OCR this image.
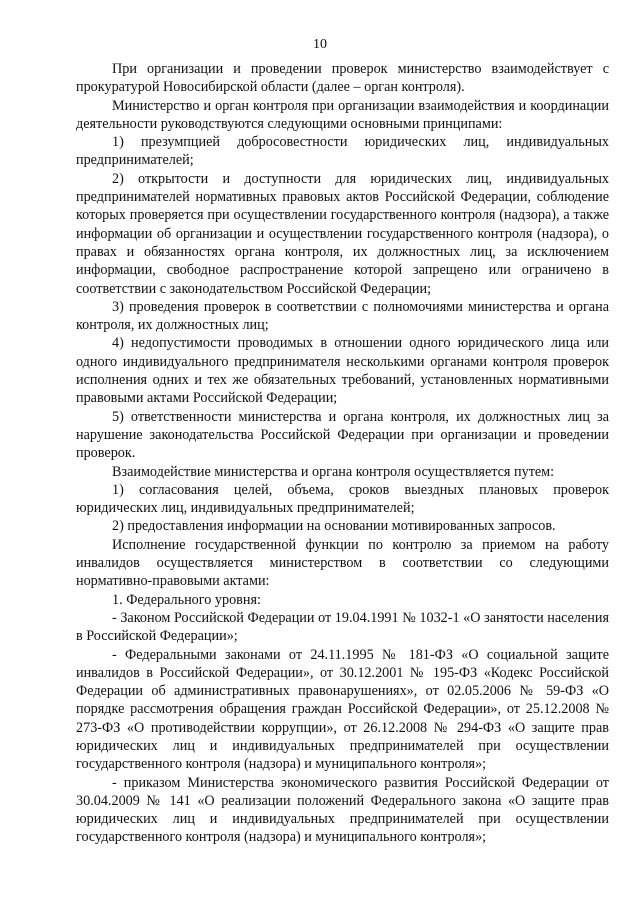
10

При организации и проведении проверок министерство взаимодействует с прокуратурой Новосибирской области (далее – орган контроля).

Министерство и орган контроля при организации взаимодействия и координации деятельности руководствуются следующими основными принципами:

1) презумпцией добросовестности юридических лиц, индивидуальных предпринимателей;

2) открытости и доступности для юридических лиц, индивидуальных предпринимателей нормативных правовых актов Российской Федерации, соблюдение которых проверяется при осуществлении государственного контроля (надзора), а также информации об организации и осуществлении государственного контроля (надзора), о правах и обязанностях органа контроля, их должностных лиц, за исключением информации, свободное распространение которой запрещено или ограничено в соответствии с законодательством Российской Федерации;

3) проведения проверок в соответствии с полномочиями министерства и органа контроля, их должностных лиц;

4) недопустимости проводимых в отношении одного юридического лица или одного индивидуального предпринимателя несколькими органами контроля проверок исполнения одних и тех же обязательных требований, установленных нормативными правовыми актами Российской Федерации;

5) ответственности министерства и органа контроля, их должностных лиц за нарушение законодательства Российской Федерации при организации и проведении проверок.

Взаимодействие министерства и органа контроля осуществляется путем:

1) согласования целей, объема, сроков выездных плановых проверок юридических лиц, индивидуальных предпринимателей;

2) предоставления информации на основании мотивированных запросов.

Исполнение государственной функции по контролю за приемом на работу инвалидов осуществляется министерством в соответствии со следующими нормативно-правовыми актами:

1. Федерального уровня:

- Законом Российской Федерации от 19.04.1991 № 1032-1 «О занятости населения в Российской Федерации»;

- Федеральными законами от 24.11.1995 № 181-ФЗ «О социальной защите инвалидов в Российской Федерации», от 30.12.2001 № 195-ФЗ «Кодекс Российской Федерации об административных правонарушениях», от 02.05.2006 № 59-ФЗ «О порядке рассмотрения обращения граждан Российской Федерации», от 25.12.2008 № 273-ФЗ «О противодействии коррупции», от 26.12.2008 № 294-ФЗ «О защите прав юридических лиц и индивидуальных предпринимателей при осуществлении государственного контроля (надзора) и муниципального контроля»;

- приказом Министерства экономического развития Российской Федерации от 30.04.2009 № 141 «О реализации положений Федерального закона «О защите прав юридических лиц и индивидуальных предпринимателей при осуществлении государственного контроля (надзора) и муниципального контроля»;
